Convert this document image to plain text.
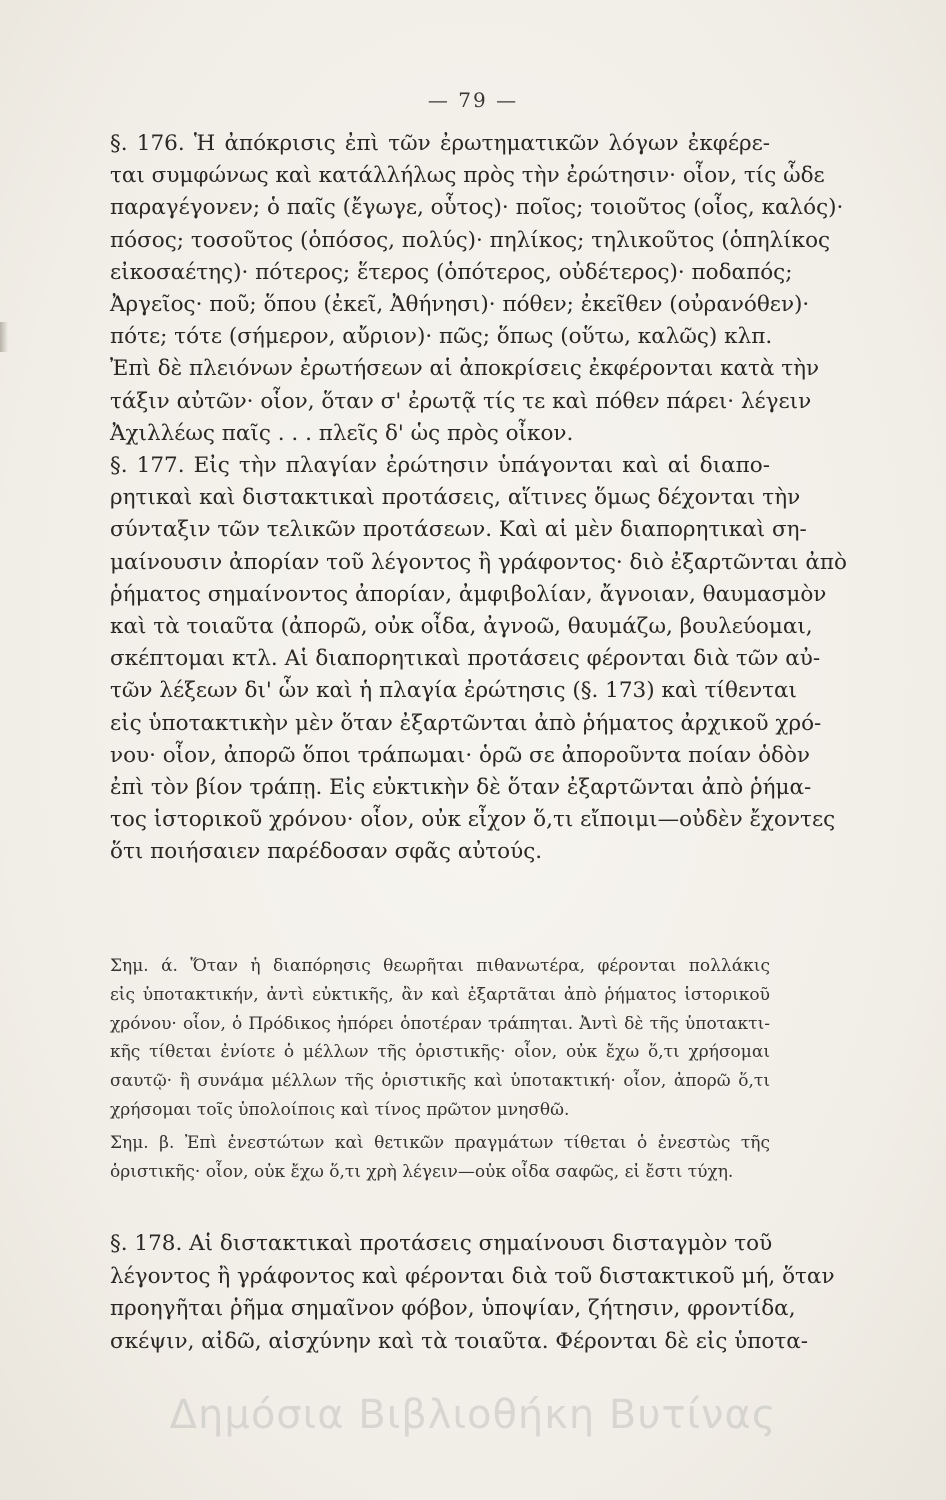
— 79 —
§. 176. Ἡ ἀπόκρισις ἐπὶ τῶν ἐρωτηματικῶν λόγων ἐκφέρε-
ται συμφώνως καὶ κατάλλήλως πρὸς τὴν ἐρώτησιν· οἷον, τίς ὧδε
παραγέγονεν; ὁ παῖς (ἔγωγε, οὗτος)· ποῖος; τοιοῦτος (οἷος, καλός)·
πόσος; τοσοῦτος (ὁπόσος, πολύς)· πηλίκος; τηλικοῦτος (ὁπηλίκος
εἰκοσαέτης)· πότερος; ἕτερος (ὁπότερος, οὐδέτερος)· ποδαπός;
Ἀργεῖος· ποῦ; ὅπου (ἐκεῖ, Ἀθήνησι)· πόθεν; ἐκεῖθεν (οὐρανόθεν)·
πότε; τότε (σήμερον, αὔριον)· πῶς; ὅπως (οὕτω, καλῶς) κλπ.
Ἐπὶ δὲ πλειόνων ἐρωτήσεων αἱ ἀποκρίσεις ἐκφέρονται κατὰ τὴν
τάξιν αὐτῶν· οἷον, ὅταν σ' ἐρωτᾷ τίς τε καὶ πόθεν πάρει· λέγειν
Ἀχιλλέως παῖς . . . πλεῖς δ' ὡς πρὸς οἶκον.
§. 177. Εἰς τὴν πλαγίαν ἐρώτησιν ὑπάγονται καὶ αἱ διαπο-
ρητικαὶ καὶ διστακτικαὶ προτάσεις, αἵτινες ὅμως δέχονται τὴν
σύνταξιν τῶν τελικῶν προτάσεων. Καὶ αἱ μὲν διαπορητικαὶ ση-
μαίνουσιν ἀπορίαν τοῦ λέγοντος ἢ γράφοντος· διὸ ἐξαρτῶνται ἀπὸ
ῥήματος σημαίνοντος ἀπορίαν, ἀμφιβολίαν, ἄγνοιαν, θαυμασμὸν
καὶ τὰ τοιαῦτα (ἀπορῶ, οὐκ οἶδα, ἀγνοῶ, θαυμάζω, βουλεύομαι,
σκέπτομαι κτλ. Αἱ διαπορητικαὶ προτάσεις φέρονται διὰ τῶν αὐ-
τῶν λέξεων δι' ὧν καὶ ἡ πλαγία ἐρώτησις (§. 173) καὶ τίθενται
εἰς ὑποτακτικὴν μὲν ὅταν ἐξαρτῶνται ἀπὸ ῥήματος ἀρχικοῦ χρό-
νου· οἷον, ἀπορῶ ὅποι τράπωμαι· ὁρῶ σε ἀποροῦντα ποίαν ὁδὸν
ἐπὶ τὸν βίον τράπῃ. Εἰς εὐκτικὴν δὲ ὅταν ἐξαρτῶνται ἀπὸ ῥήμα-
τος ἱστορικοῦ χρόνου· οἷον, οὐκ εἶχον ὅ,τι εἴποιμι—οὐδὲν ἔχοντες
ὅτι ποιήσαιεν παρέδοσαν σφᾶς αὐτούς.
Σημ. ά. Ὅταν ἡ διαπόρησις θεωρῆται πιθανωτέρα, φέρονται πολλάκις
εἰς ὑποτακτικήν, ἀντὶ εὐκτικῆς, ἂν καὶ ἐξαρτᾶται ἀπὸ ῥήματος ἱστορικοῦ
χρόνου· οἷον, ὁ Πρόδικος ἠπόρει ὁποτέραν τράπηται. Ἀντὶ δὲ τῆς ὑποτακτι-
κῆς τίθεται ἐνίοτε ὁ μέλλων τῆς ὁριστικῆς· οἷον, οὐκ ἔχω ὅ,τι χρήσομαι
σαυτῷ· ἢ συνάμα μέλλων τῆς ὁριστικῆς καὶ ὑποτακτική· οἷον, ἀπορῶ ὅ,τι
χρήσομαι τοῖς ὑπολοίποις καὶ τίνος πρῶτον μνησθῶ.
Σημ. β. Ἐπὶ ἐνεστώτων καὶ θετικῶν πραγμάτων τίθεται ὁ ἐνεστὼς τῆς
ὁριστικῆς· οἷον, οὐκ ἔχω ὅ,τι χρὴ λέγειν—οὐκ οἶδα σαφῶς, εἰ ἔστι τύχη.
§. 178. Αἱ διστακτικαὶ προτάσεις σημαίνουσι δισταγμὸν τοῦ
λέγοντος ἢ γράφοντος καὶ φέρονται διὰ τοῦ διστακτικοῦ μή, ὅταν
προηγῆται ῥῆμα σημαῖνον φόβον, ὑποψίαν, ζήτησιν, φροντίδα,
σκέψιν, αἰδῶ, αἰσχύνην καὶ τὰ τοιαῦτα. Φέρονται δὲ εἰς ὑποτα-
Δημόσια Βιβλιοθήκη Βυτίνας
